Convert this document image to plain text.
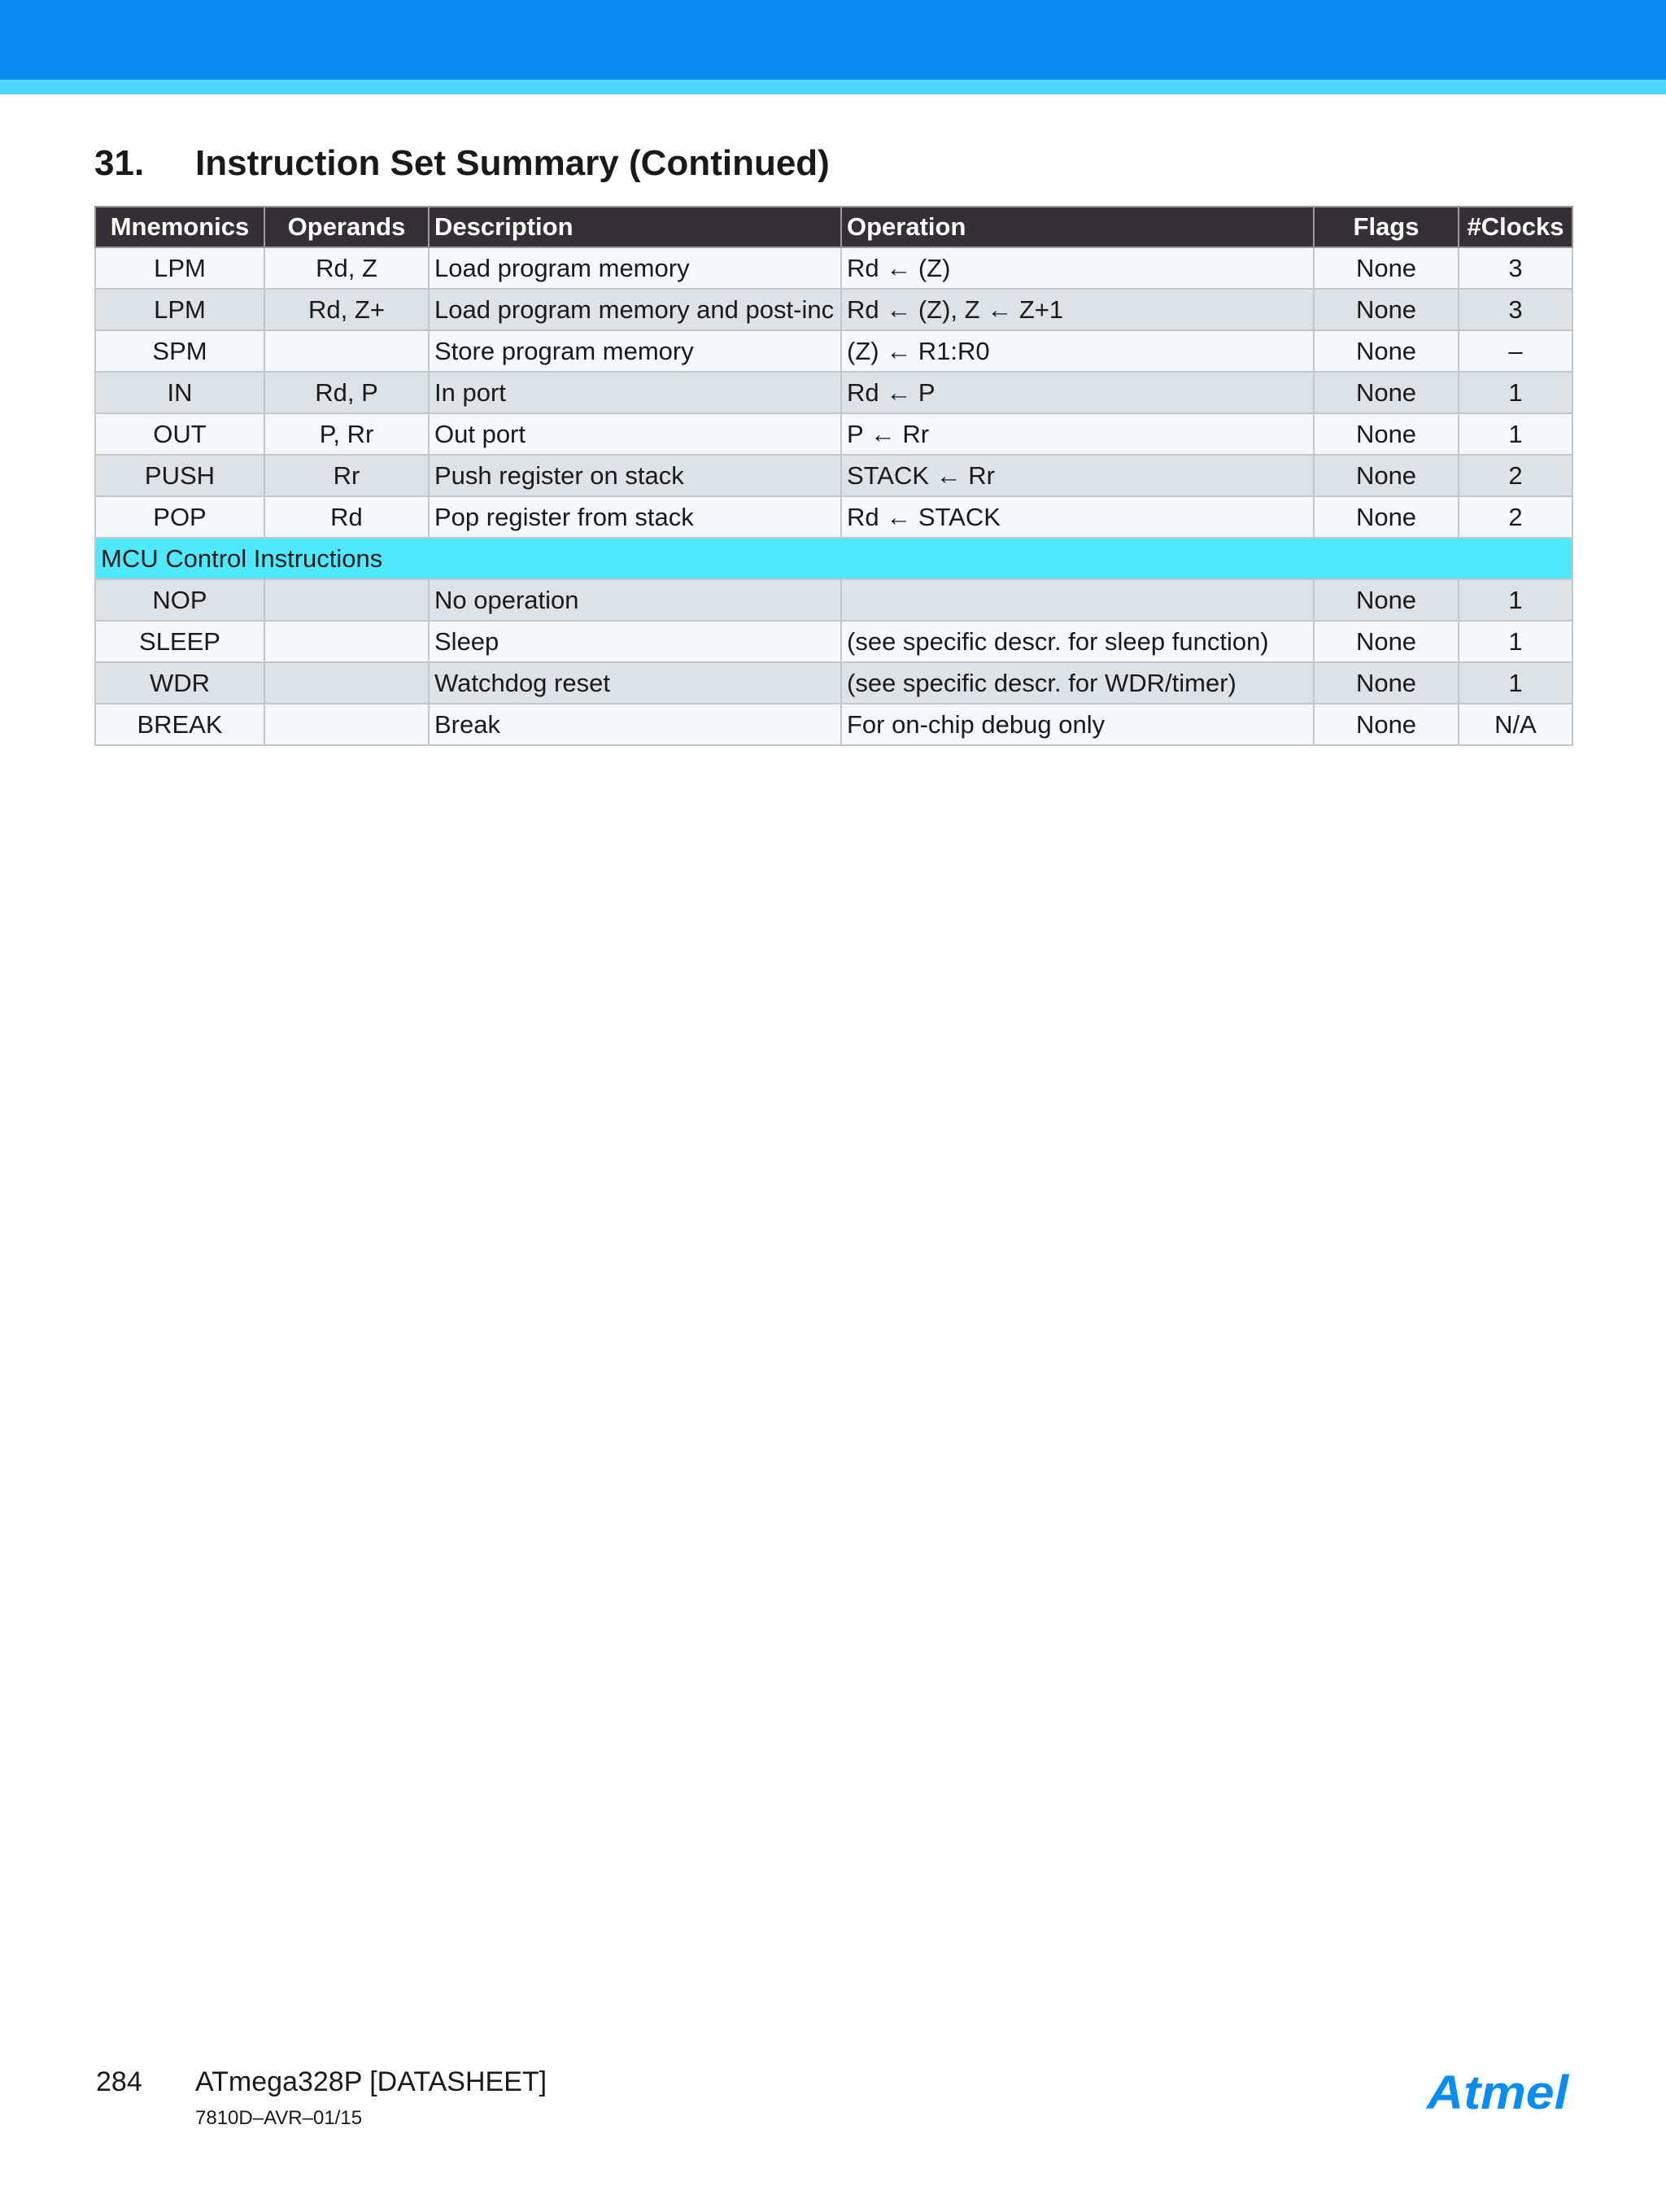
31. Instruction Set Summary (Continued)
Mnemonics	Operands	Description	Operation	Flags	#Clocks
LPM	Rd, Z	Load program memory	Rd ← (Z)	None	3
LPM	Rd, Z+	Load program memory and post-inc	Rd ← (Z), Z ← Z+1	None	3
SPM		Store program memory	(Z) ← R1:R0	None	–
IN	Rd, P	In port	Rd ← P	None	1
OUT	P, Rr	Out port	P ← Rr	None	1
PUSH	Rr	Push register on stack	STACK ← Rr	None	2
POP	Rd	Pop register from stack	Rd ← STACK	None	2
MCU Control Instructions					
NOP		No operation		None	1
SLEEP		Sleep	(see specific descr. for sleep function)	None	1
WDR		Watchdog reset	(see specific descr. for WDR/timer)	None	1
BREAK		Break	For on-chip debug only	None	N/A
284 ATmega328P [DATASHEET]
7810D–AVR–01/15	Atmel
